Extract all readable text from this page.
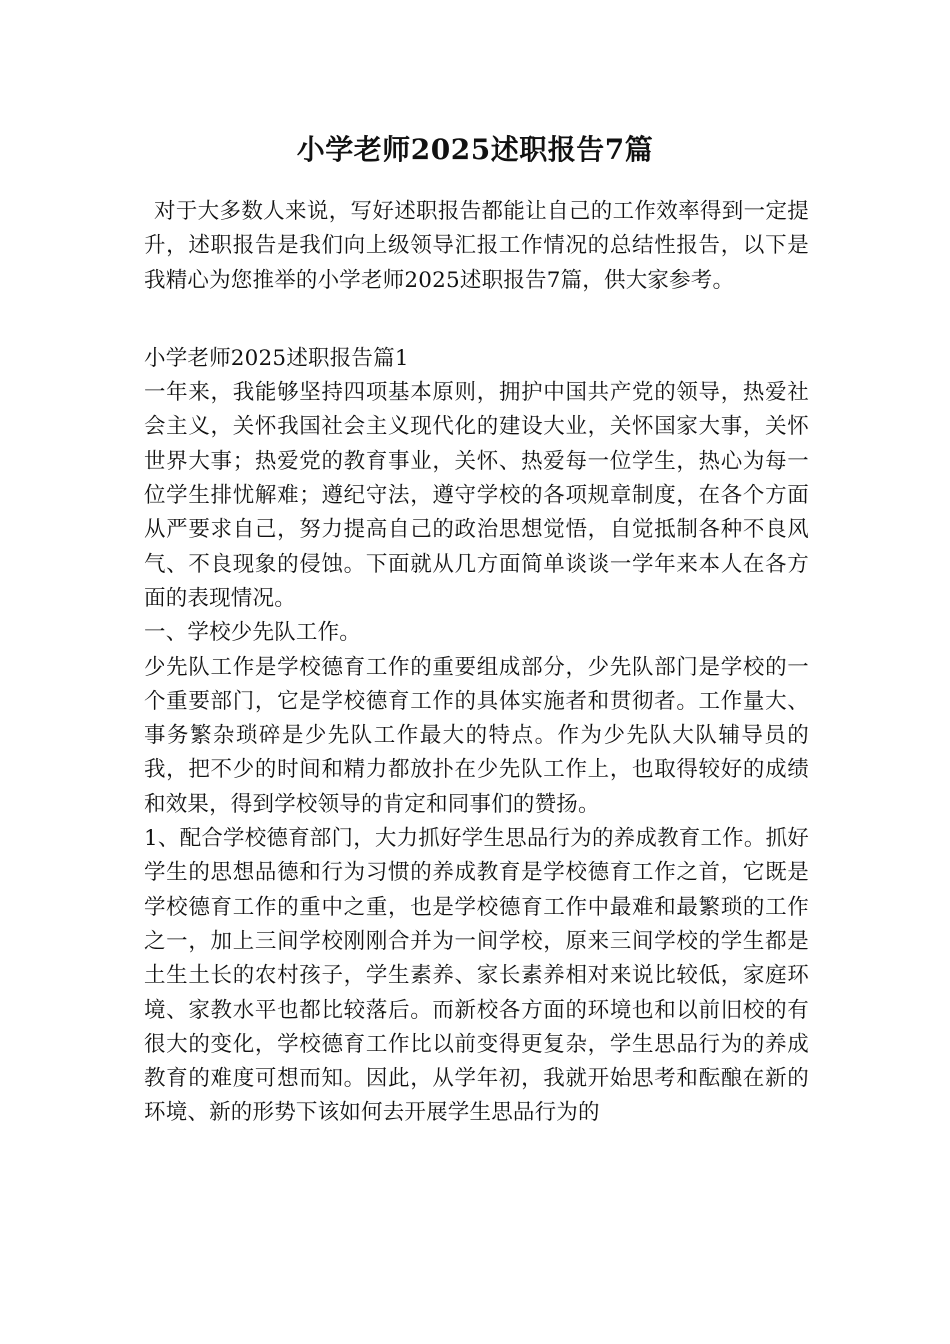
小学老师2025述职报告7篇

对于大多数人来说，写好述职报告都能让自己的工作效率得到一定提升，述职报告是我们向上级领导汇报工作情况的总结性报告，以下是我精心为您推举的小学老师2025述职报告7篇，供大家参考。

小学老师2025述职报告篇1

一年来，我能够坚持四项基本原则，拥护中国共产党的领导，热爱社会主义，关怀我国社会主义现代化的建设大业，关怀国家大事，关怀世界大事；热爱党的教育事业，关怀、热爱每一位学生，热心为每一位学生排忧解难；遵纪守法，遵守学校的各项规章制度，在各个方面从严要求自己，努力提高自己的政治思想觉悟，自觉抵制各种不良风气、不良现象的侵蚀。下面就从几方面简单谈谈一学年来本人在各方面的表现情况。

一、学校少先队工作。

少先队工作是学校德育工作的重要组成部分，少先队部门是学校的一个重要部门，它是学校德育工作的具体实施者和贯彻者。工作量大、事务繁杂琐碎是少先队工作最大的特点。作为少先队大队辅导员的我，把不少的时间和精力都放扑在少先队工作上，也取得较好的成绩和效果，得到学校领导的肯定和同事们的赞扬。

1、配合学校德育部门，大力抓好学生思品行为的养成教育工作。抓好学生的思想品德和行为习惯的养成教育是学校德育工作之首，它既是学校德育工作的重中之重，也是学校德育工作中最难和最繁琐的工作之一，加上三间学校刚刚合并为一间学校，原来三间学校的学生都是土生土长的农村孩子，学生素养、家长素养相对来说比较低，家庭环境、家教水平也都比较落后。而新校各方面的环境也和以前旧校的有很大的变化，学校德育工作比以前变得更复杂，学生思品行为的养成教育的难度可想而知。因此，从学年初，我就开始思考和酝酿在新的环境、新的形势下该如何去开展学生思品行为的
